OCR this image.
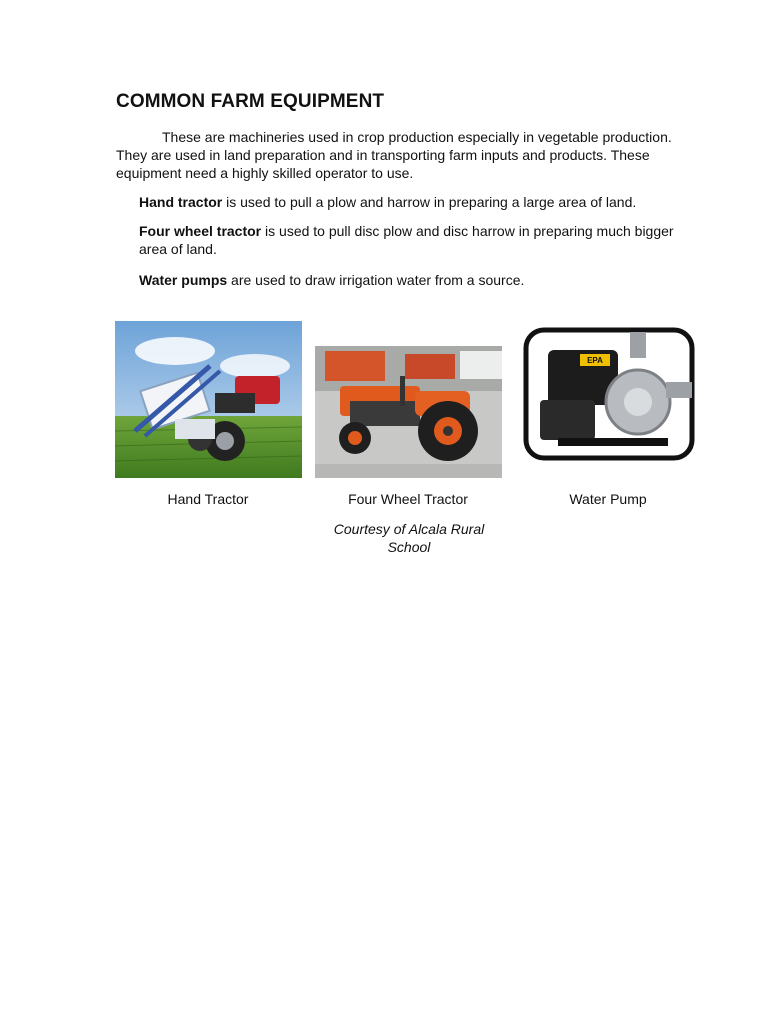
COMMON FARM EQUIPMENT

These are machineries used in crop production especially in vegetable production. They are used in land preparation and in transporting farm inputs and products. These equipment need a highly skilled operator to use.

Hand tractor is used to pull a plow and harrow in preparing a large area of land.

Four wheel tractor is used to pull disc plow and disc harrow in preparing much bigger area of land.

Water pumps are used to draw irrigation water from a source.

EPA

Hand Tractor	Four Wheel Tractor	Water Pump

Courtesy of Alcala Rural School
